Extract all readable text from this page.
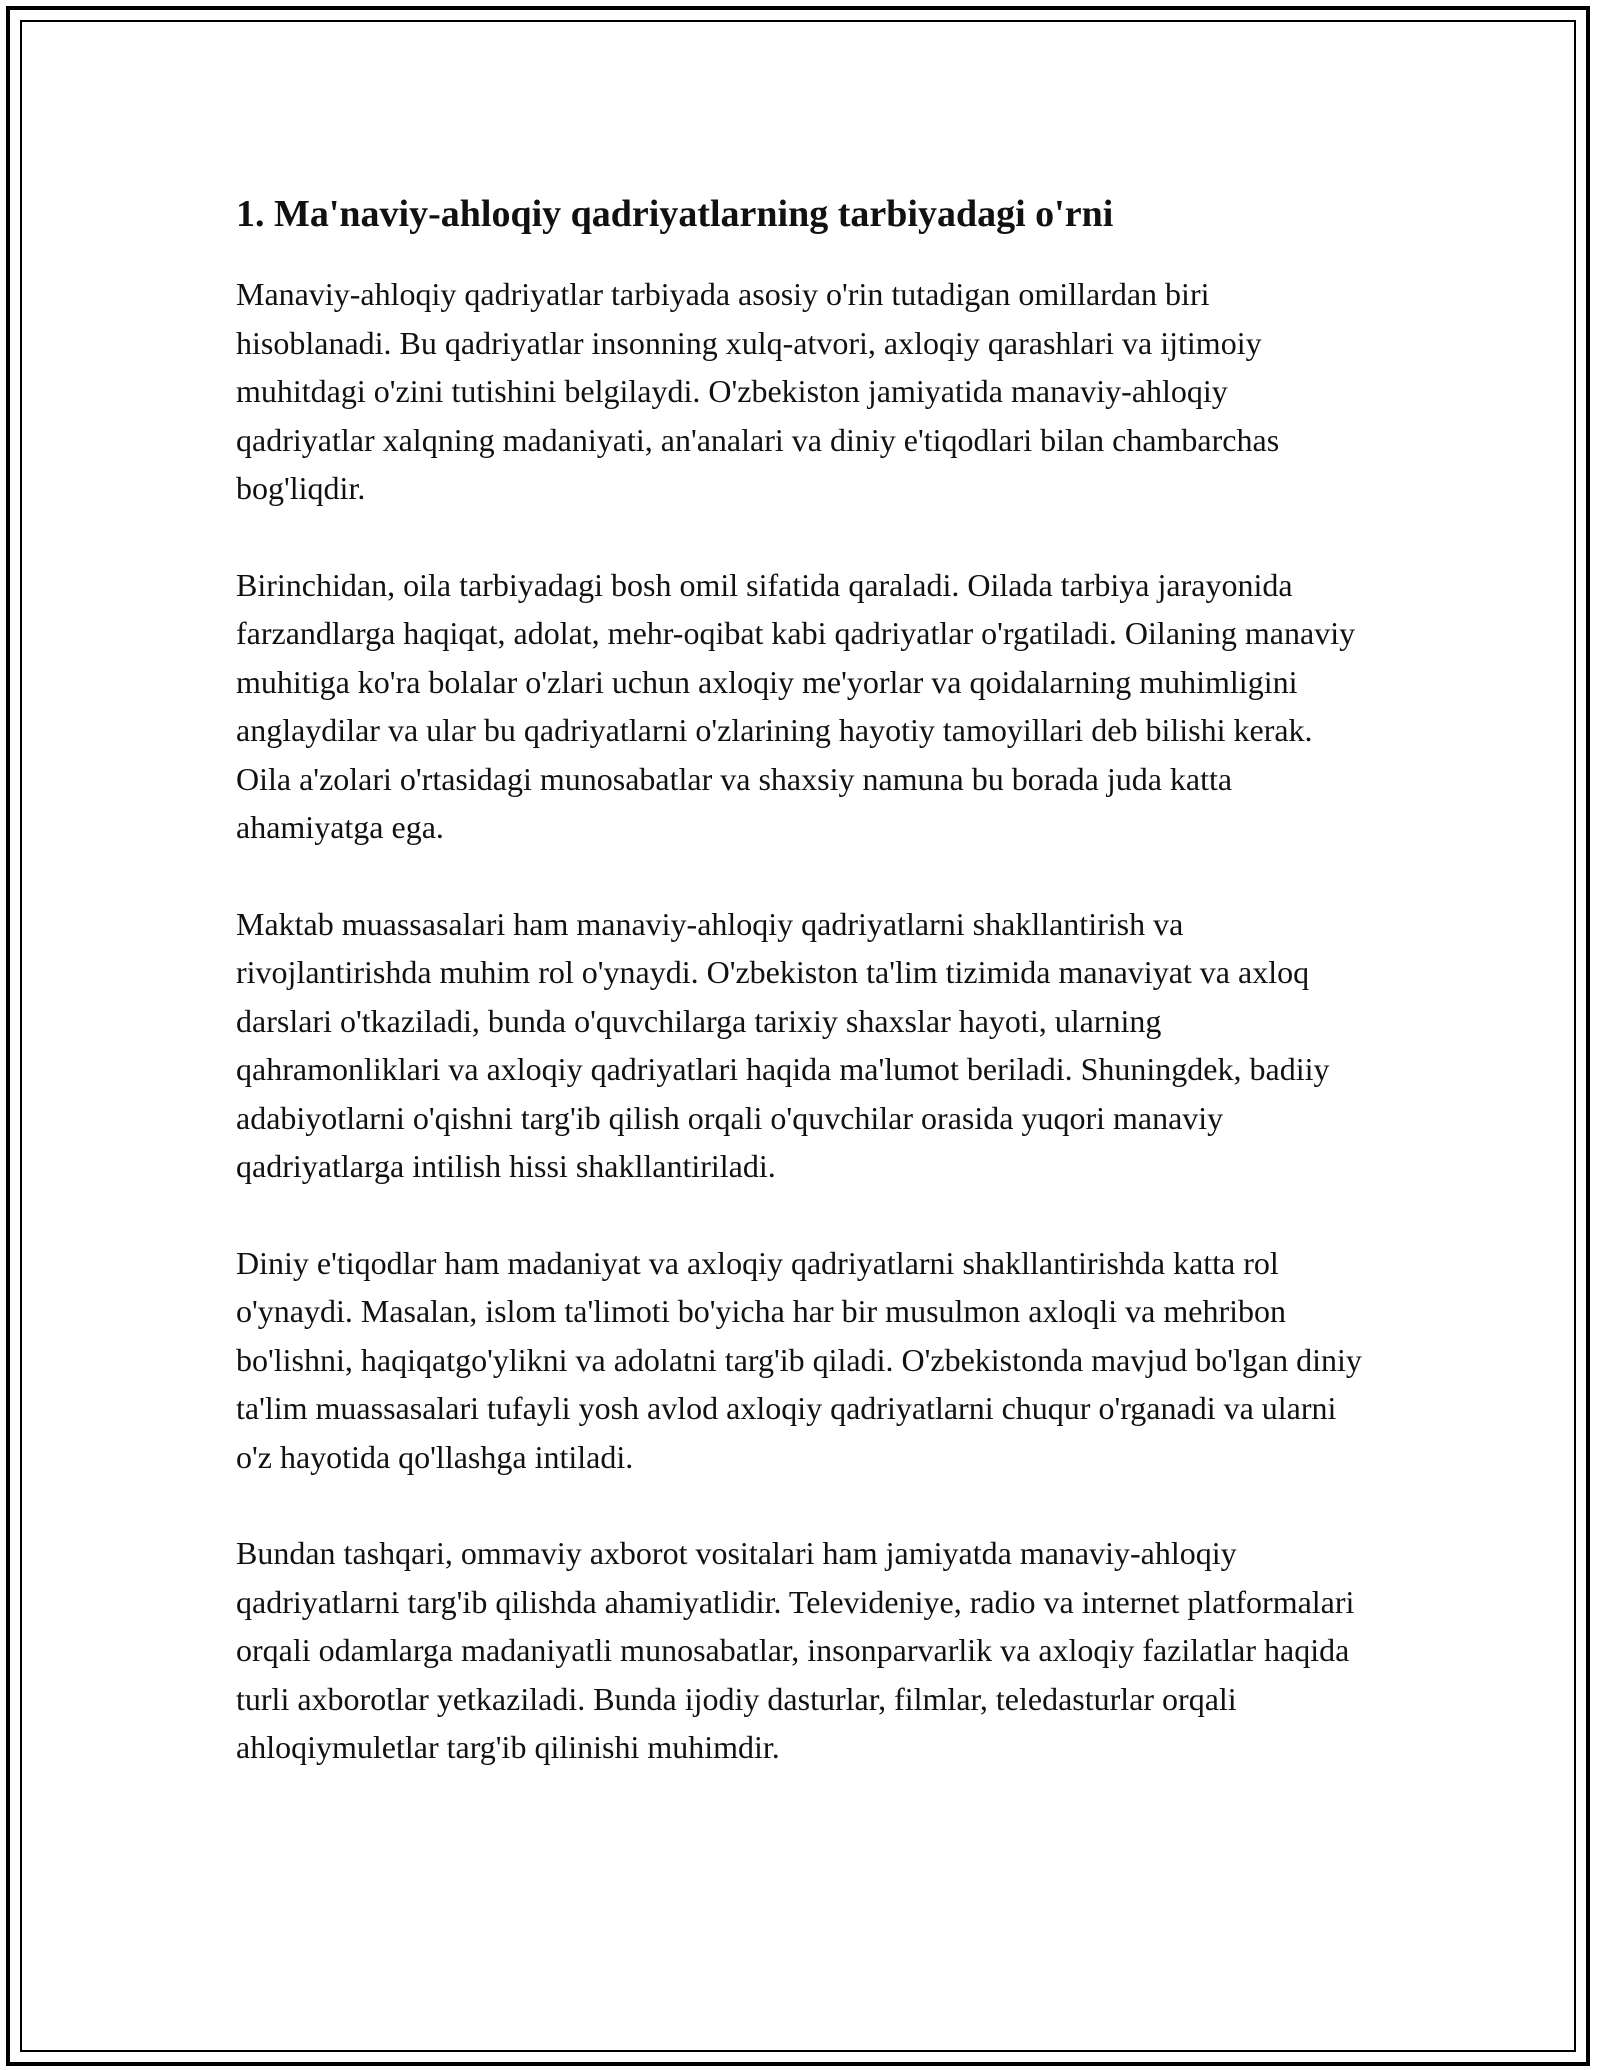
1. Ma'naviy-ahloqiy qadriyatlarning tarbiyadagi o'rni

Manaviy-ahloqiy qadriyatlar tarbiyada asosiy o'rin tutadigan omillardan biri hisoblanadi. Bu qadriyatlar insonning xulq-atvori, axloqiy qarashlari va ijtimoiy muhitdagi o'zini tutishini belgilaydi. O'zbekiston jamiyatida manaviy-ahloqiy qadriyatlar xalqning madaniyati, an'analari va diniy e'tiqodlari bilan chambarchas bog'liqdir.

Birinchidan, oila tarbiyadagi bosh omil sifatida qaraladi. Oilada tarbiya jarayonida farzandlarga haqiqat, adolat, mehr-oqibat kabi qadriyatlar o'rgatiladi. Oilaning manaviy muhitiga ko'ra bolalar o'zlari uchun axloqiy me'yorlar va qoidalarning muhimligini anglaydilar va ular bu qadriyatlarni o'zlarining hayotiy tamoyillari deb bilishi kerak. Oila a'zolari o'rtasidagi munosabatlar va shaxsiy namuna bu borada juda katta ahamiyatga ega.

Maktab muassasalari ham manaviy-ahloqiy qadriyatlarni shakllantirish va rivojlantirishda muhim rol o'ynaydi. O'zbekiston ta'lim tizimida manaviyat va axloq darslari o'tkaziladi, bunda o'quvchilarga tarixiy shaxslar hayoti, ularning qahramonliklari va axloqiy qadriyatlari haqida ma'lumot beriladi. Shuningdek, badiiy adabiyotlarni o'qishni targ'ib qilish orqali o'quvchilar orasida yuqori manaviy qadriyatlarga intilish hissi shakllantiriladi.

Diniy e'tiqodlar ham madaniyat va axloqiy qadriyatlarni shakllantirishda katta rol o'ynaydi. Masalan, islom ta'limoti bo'yicha har bir musulmon axloqli va mehribon bo'lishni, haqiqatgo'ylikni va adolatni targ'ib qiladi. O'zbekistonda mavjud bo'lgan diniy ta'lim muassasalari tufayli yosh avlod axloqiy qadriyatlarni chuqur o'rganadi va ularni o'z hayotida qo'llashga intiladi.

Bundan tashqari, ommaviy axborot vositalari ham jamiyatda manaviy-ahloqiy qadriyatlarni targ'ib qilishda ahamiyatlidir. Televideniye, radio va internet platformalari orqali odamlarga madaniyatli munosabatlar, insonparvarlik va axloqiy fazilatlar haqida turli axborotlar yetkaziladi. Bunda ijodiy dasturlar, filmlar, teledasturlar orqali ahloqiymuletlar targ'ib qilinishi muhimdir.
